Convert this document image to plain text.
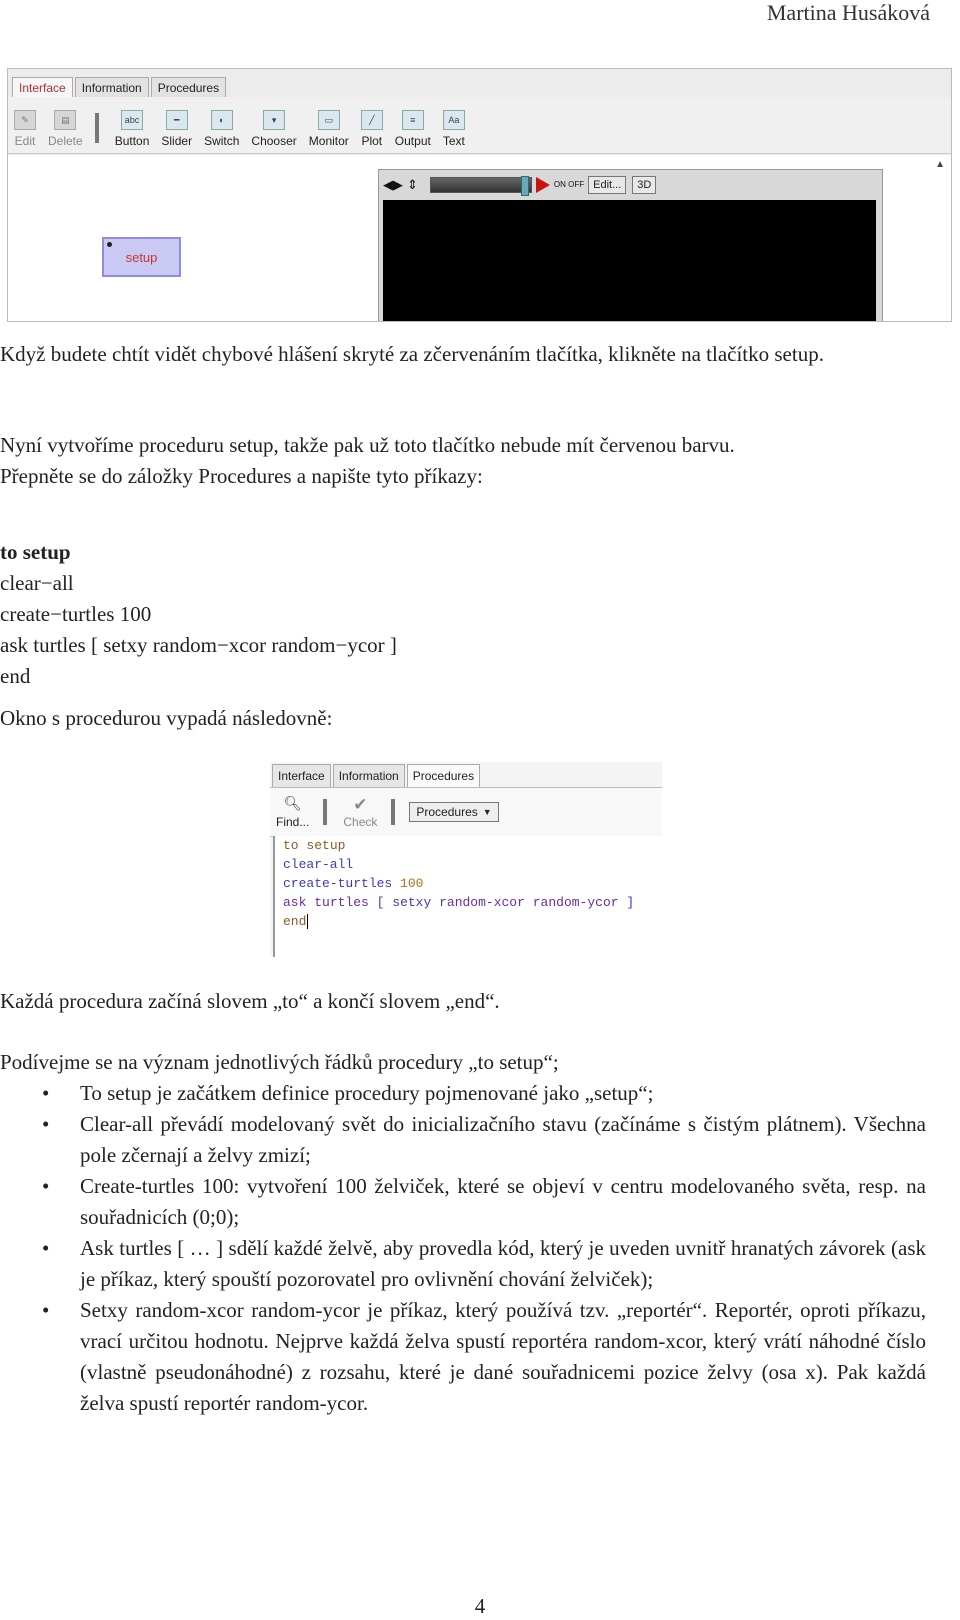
Martina Husáková
Interface	Information	Procedures
✎
Edit
▤
Delete
abc
Button
━
Slider
◐
Switch
▾
Chooser
▭
Monitor
╱
Plot
≡
Output
Aa
Text
setup
◀▶ ⇕	ON OFF Edit...	3D
▲

Když budete chtít vidět chybové hlášení skryté za zčervenáním tlačítka, klikněte na tlačítko setup.

Nyní vytvoříme proceduru setup, takže pak už toto tlačítko nebude mít červenou barvu.

Přepněte se do záložky Procedures a napište tyto příkazy:

to setup
clear−all
create−turtles 100
ask turtles [ setxy random−xcor random−ycor ]
end

Okno s procedurou vypadá následovně:

Interface	Information	Procedures
🔍︎
Find...
✔
Check
Procedures ▼
to setup
clear-all
create-turtles 100
ask turtles [ setxy random-xcor random-ycor ]
end

Každá procedura začíná slovem „to“ a končí slovem „end“.

Podívejme se na význam jednotlivých řádků procedury „to setup“;

• To setup je začátkem definice procedury pojmenované jako „setup“;
• Clear-all převádí modelovaný svět do inicializačního stavu (začínáme s čistým plátnem). Všechna pole zčernají a želvy zmizí;
• Create-turtles 100: vytvoření 100 želviček, které se objeví v centru modelovaného světa, resp. na souřadnicích (0;0);
• Ask turtles [ … ] sdělí každé želvě, aby provedla kód, který je uveden uvnitř hranatých závorek (ask je příkaz, který spouští pozorovatel pro ovlivnění chování želviček);
• Setxy random-xcor random-ycor je příkaz, který používá tzv. „reportér“. Reportér, oproti příkazu, vrací určitou hodnotu. Nejprve každá želva spustí reportéra random-xcor, který vrátí náhodné číslo (vlastně pseudonáhodné) z rozsahu, které je dané souřadnicemi pozice želvy (osa x). Pak každá želva spustí reportér random-ycor.
4
